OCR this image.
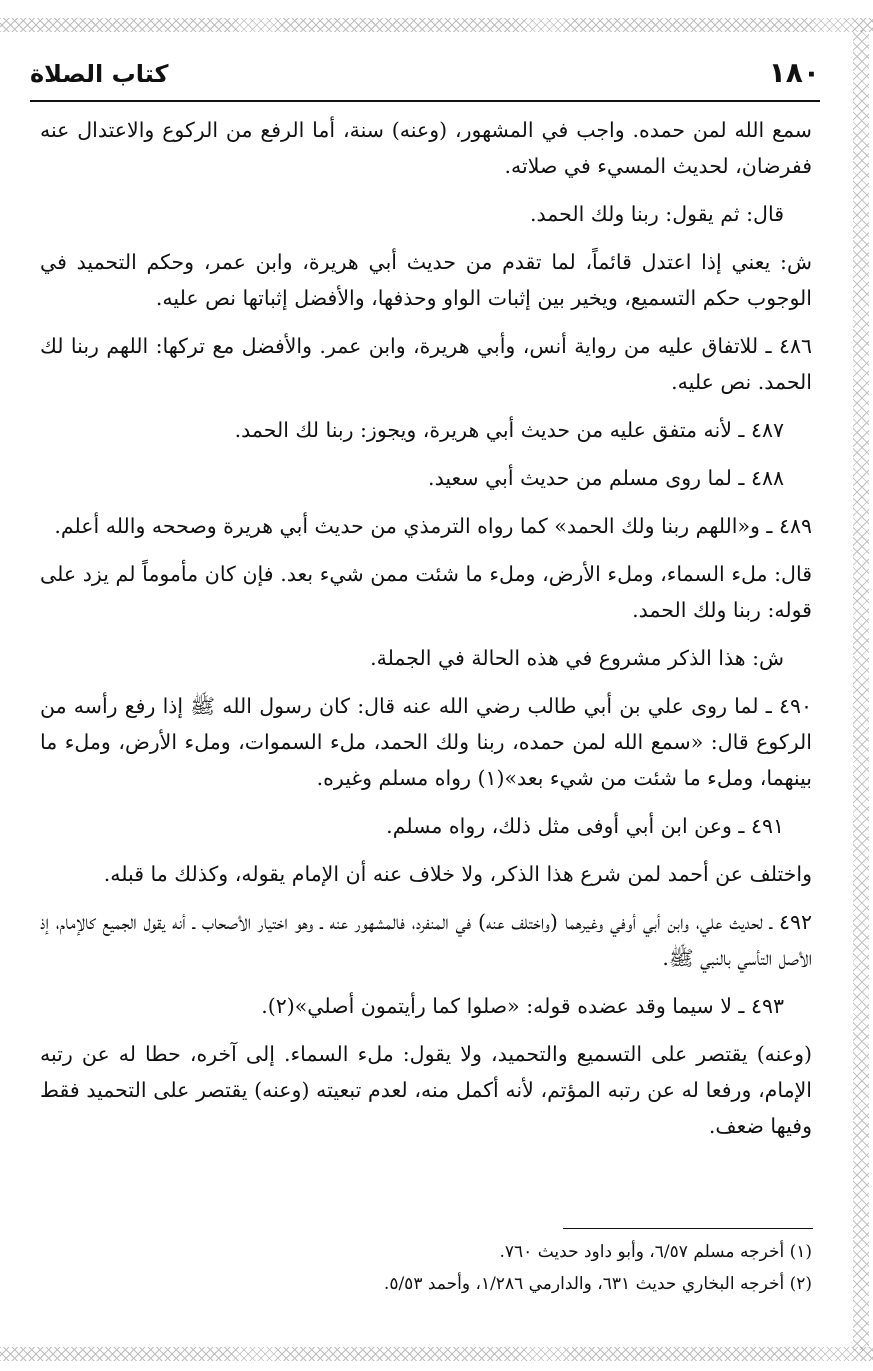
كتاب الصلاة	١٨٠

سمع الله لمن حمده. واجب في المشهور، (وعنه) سنة، أما الرفع من الركوع والاعتدال عنه ففرضان، لحديث المسيء في صلاته.

قال: ثم يقول: ربنا ولك الحمد.

ش: يعني إذا اعتدل قائماً، لما تقدم من حديث أبي هريرة، وابن عمر، وحكم التحميد في الوجوب حكم التسميع، ويخير بين إثبات الواو وحذفها، والأفضل إثباتها نص عليه.

٤٨٦ ـ للاتفاق عليه من رواية أنس، وأبي هريرة، وابن عمر. والأفضل مع تركها: اللهم ربنا لك الحمد. نص عليه.

٤٨٧ ـ لأنه متفق عليه من حديث أبي هريرة، ويجوز: ربنا لك الحمد.

٤٨٨ ـ لما روى مسلم من حديث أبي سعيد.

٤٨٩ ـ و«اللهم ربنا ولك الحمد» كما رواه الترمذي من حديث أبي هريرة وصححه والله أعلم.

قال: ملء السماء، وملء الأرض، وملء ما شئت ممن شيء بعد. فإن كان مأموماً لم يزد على قوله: ربنا ولك الحمد.

ش: هذا الذكر مشروع في هذه الحالة في الجملة.

٤٩٠ ـ لما روى علي بن أبي طالب رضي الله عنه قال: كان رسول الله ﷺ إذا رفع رأسه من الركوع قال: «سمع الله لمن حمده، ربنا ولك الحمد، ملء السموات، وملء الأرض، وملء ما بينهما، وملء ما شئت من شيء بعد»(١) رواه مسلم وغيره.

٤٩١ ـ وعن ابن أبي أوفى مثل ذلك، رواه مسلم.

واختلف عن أحمد لمن شرع هذا الذكر، ولا خلاف عنه أن الإمام يقوله، وكذلك ما قبله.

٤٩٢ ـ لحديث علي، وابن أبي أوفي وغيرهما (واختلف عنه) في المنفرد، فالمشهور عنه ـ وهو اختيار الأصحاب ـ أنه يقول الجميع كالإمام، إذ الأصل التأسي بالنبي ﷺ.

٤٩٣ ـ لا سيما وقد عضده قوله: «صلوا كما رأيتمون أصلي»(٢).

(وعنه) يقتصر على التسميع والتحميد، ولا يقول: ملء السماء. إلى آخره، حطا له عن رتبه الإمام، ورفعا له عن رتبه المؤتم، لأنه أكمل منه، لعدم تبعيته (وعنه) يقتصر على التحميد فقط وفيها ضعف.

(١) أخرجه مسلم ٦/٥٧، وأبو داود حديث ٧٦٠.
(٢) أخرجه البخاري حديث ٦٣١، والدارمي ١/٢٨٦، وأحمد ٥/٥٣.
